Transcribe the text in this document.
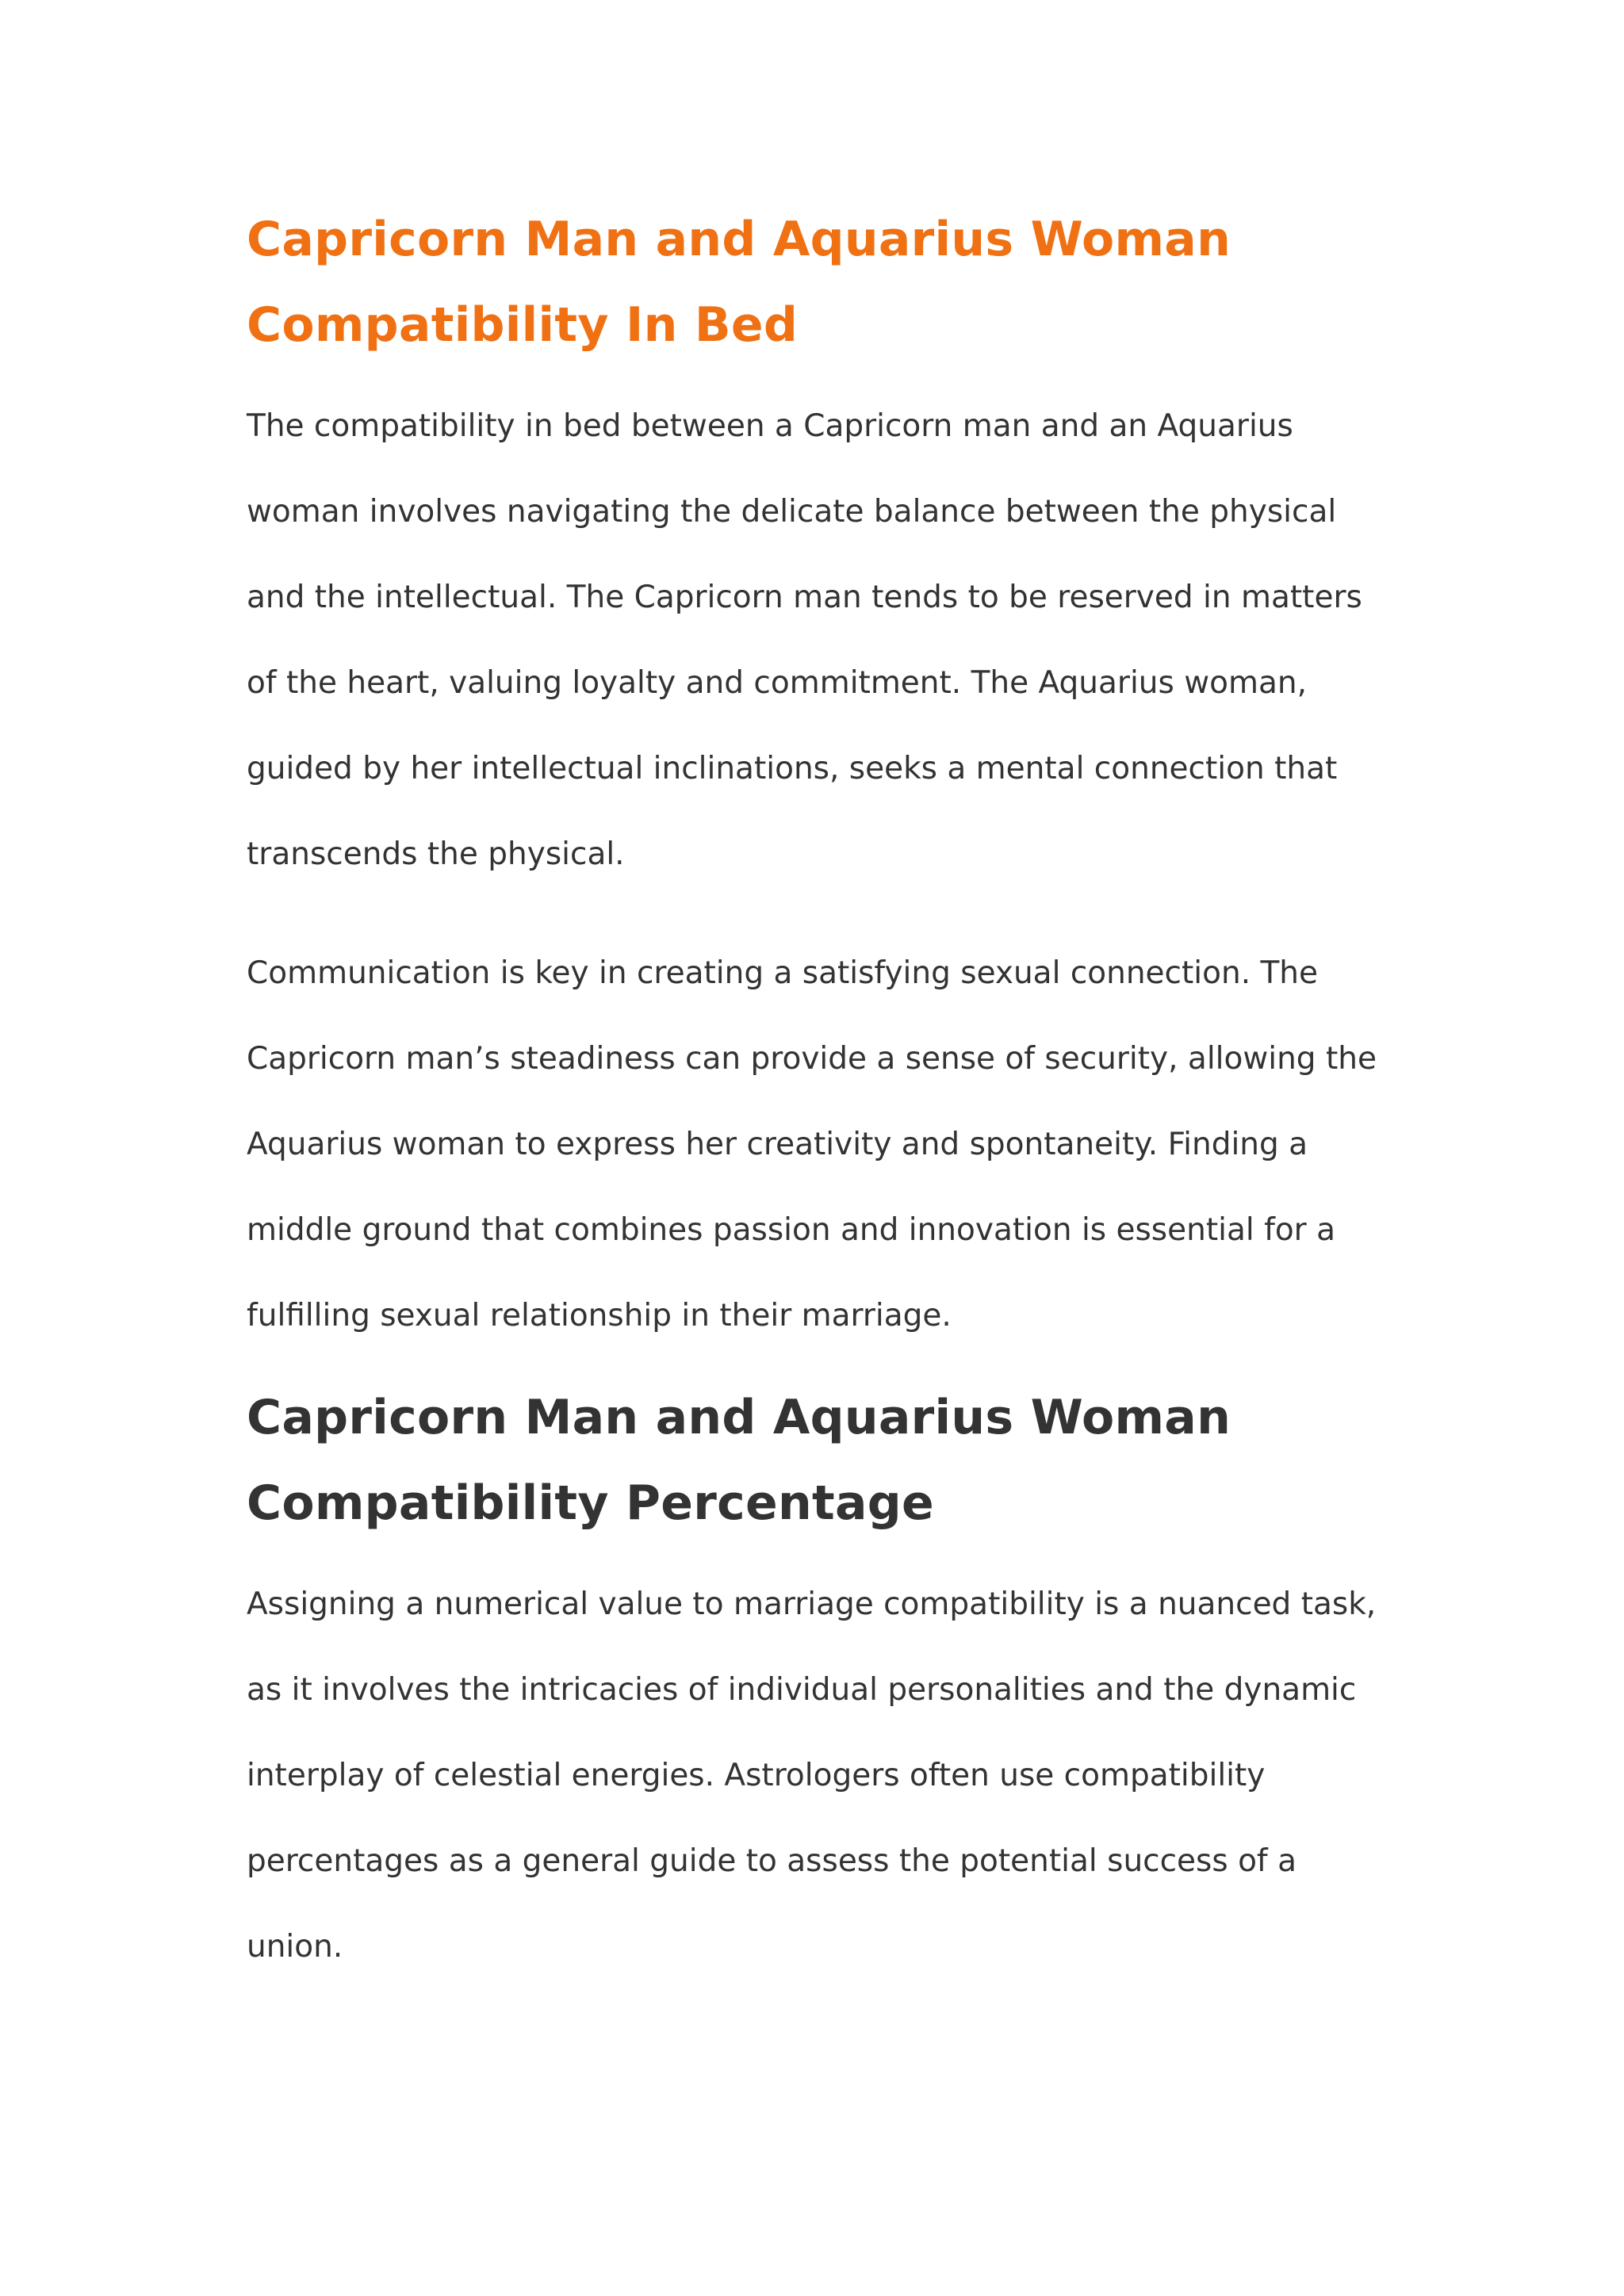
Capricorn Man and Aquarius Woman Compatibility In Bed

The compatibility in bed between a Capricorn man and an Aquarius woman involves navigating the delicate balance between the physical and the intellectual. The Capricorn man tends to be reserved in matters of the heart, valuing loyalty and commitment. The Aquarius woman, guided by her intellectual inclinations, seeks a mental connection that transcends the physical.

Communication is key in creating a satisfying sexual connection. The Capricorn man’s steadiness can provide a sense of security, allowing the Aquarius woman to express her creativity and spontaneity. Finding a middle ground that combines passion and innovation is essential for a fulfilling sexual relationship in their marriage.

Capricorn Man and Aquarius Woman Compatibility Percentage

Assigning a numerical value to marriage compatibility is a nuanced task, as it involves the intricacies of individual personalities and the dynamic interplay of celestial energies. Astrologers often use compatibility percentages as a general guide to assess the potential success of a union.
